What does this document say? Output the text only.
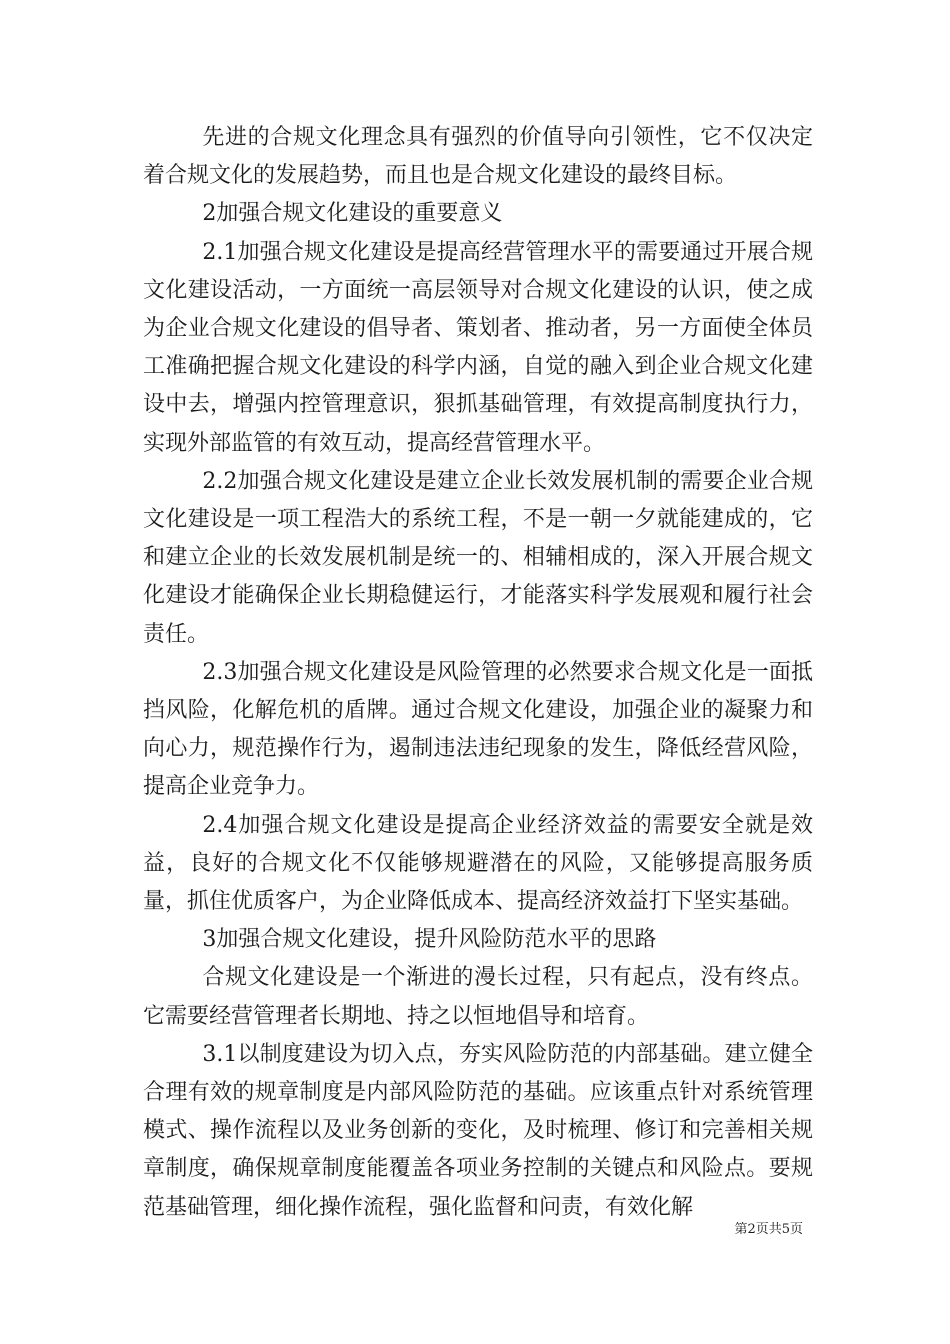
先进的合规文化理念具有强烈的价值导向引领性，它不仅决定着合规文化的发展趋势，而且也是合规文化建设的最终目标。

2加强合规文化建设的重要意义

2.1加强合规文化建设是提高经营管理水平的需要通过开展合规文化建设活动，一方面统一高层领导对合规文化建设的认识，使之成为企业合规文化建设的倡导者、策划者、推动者，另一方面使全体员工准确把握合规文化建设的科学内涵，自觉的融入到企业合规文化建设中去，增强内控管理意识，狠抓基础管理，有效提高制度执行力，实现外部监管的有效互动，提高经营管理水平。

2.2加强合规文化建设是建立企业长效发展机制的需要企业合规文化建设是一项工程浩大的系统工程，不是一朝一夕就能建成的，它和建立企业的长效发展机制是统一的、相辅相成的，深入开展合规文化建设才能确保企业长期稳健运行，才能落实科学发展观和履行社会责任。

2.3加强合规文化建设是风险管理的必然要求合规文化是一面抵挡风险，化解危机的盾牌。通过合规文化建设，加强企业的凝聚力和向心力，规范操作行为，遏制违法违纪现象的发生，降低经营风险，提高企业竞争力。

2.4加强合规文化建设是提高企业经济效益的需要安全就是效益，良好的合规文化不仅能够规避潜在的风险，又能够提高服务质量，抓住优质客户，为企业降低成本、提高经济效益打下坚实基础。

3加强合规文化建设，提升风险防范水平的思路

合规文化建设是一个渐进的漫长过程，只有起点，没有终点。它需要经营管理者长期地、持之以恒地倡导和培育。

3.1以制度建设为切入点，夯实风险防范的内部基础。建立健全合理有效的规章制度是内部风险防范的基础。应该重点针对系统管理模式、操作流程以及业务创新的变化，及时梳理、修订和完善相关规章制度，确保规章制度能覆盖各项业务控制的关键点和风险点。要规范基础管理，细化操作流程，强化监督和问责，有效化解

第2页共5页
